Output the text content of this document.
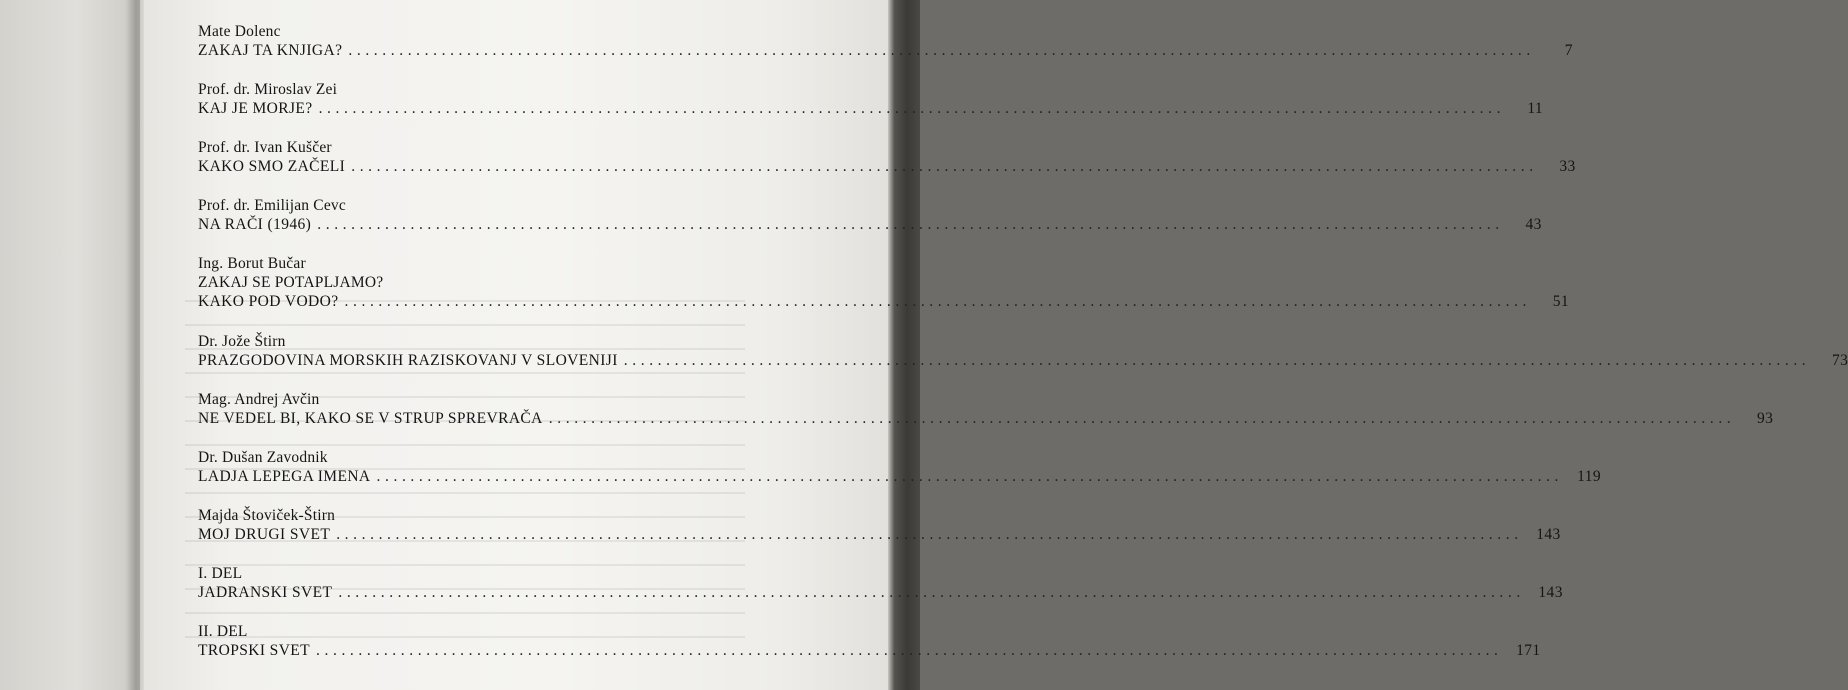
Mate Dolenc
ZAKAJ TA KNJIGA? ............................................................................................................................................	7
Prof. dr. Miroslav Zei
KAJ JE MORJE? ............................................................................................................................................	11
Prof. dr. Ivan Kuščer
KAKO SMO ZAČELI ............................................................................................................................................	33
Prof. dr. Emilijan Cevc
NA RAČI (1946) ............................................................................................................................................	43
Ing. Borut Bučar
ZAKAJ SE POTAPLJAMO?
KAKO POD VODO? ............................................................................................................................................	51
Dr. Jože Štirn
PRAZGODOVINA MORSKIH RAZISKOVANJ V SLOVENIJI ............................................................................................................................................	73
Mag. Andrej Avčin
NE VEDEL BI, KAKO SE V STRUP SPREVRAČA ............................................................................................................................................	93
Dr. Dušan Zavodnik
LADJA LEPEGA IMENA ............................................................................................................................................ 119
Majda Štoviček-Štirn
MOJ DRUGI SVET ............................................................................................................................................ 143
I. DEL
JADRANSKI SVET ............................................................................................................................................ 143
II. DEL
TROPSKI SVET ............................................................................................................................................ 171
